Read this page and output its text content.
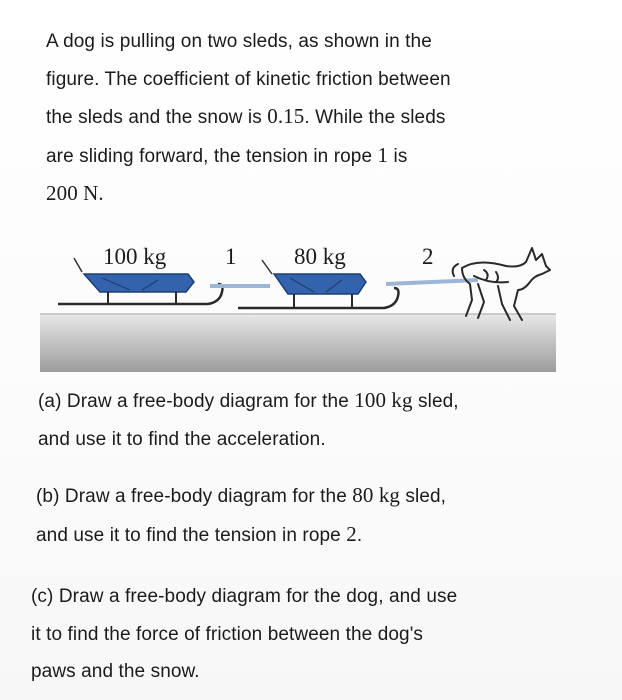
A dog is pulling on two sleds, as shown in the
figure. The coefficient of kinetic friction between
the sleds and the snow is 0.15. While the sleds
are sliding forward, the tension in rope 1 is
200 N.
100 kg	1	80 kg	2
(a) Draw a free-body diagram for the 100 kg sled,
and use it to find the acceleration.
(b) Draw a free-body diagram for the 80 kg sled,
and use it to find the tension in rope 2.
(c) Draw a free-body diagram for the dog, and use
it to find the force of friction between the dog's
paws and the snow.
